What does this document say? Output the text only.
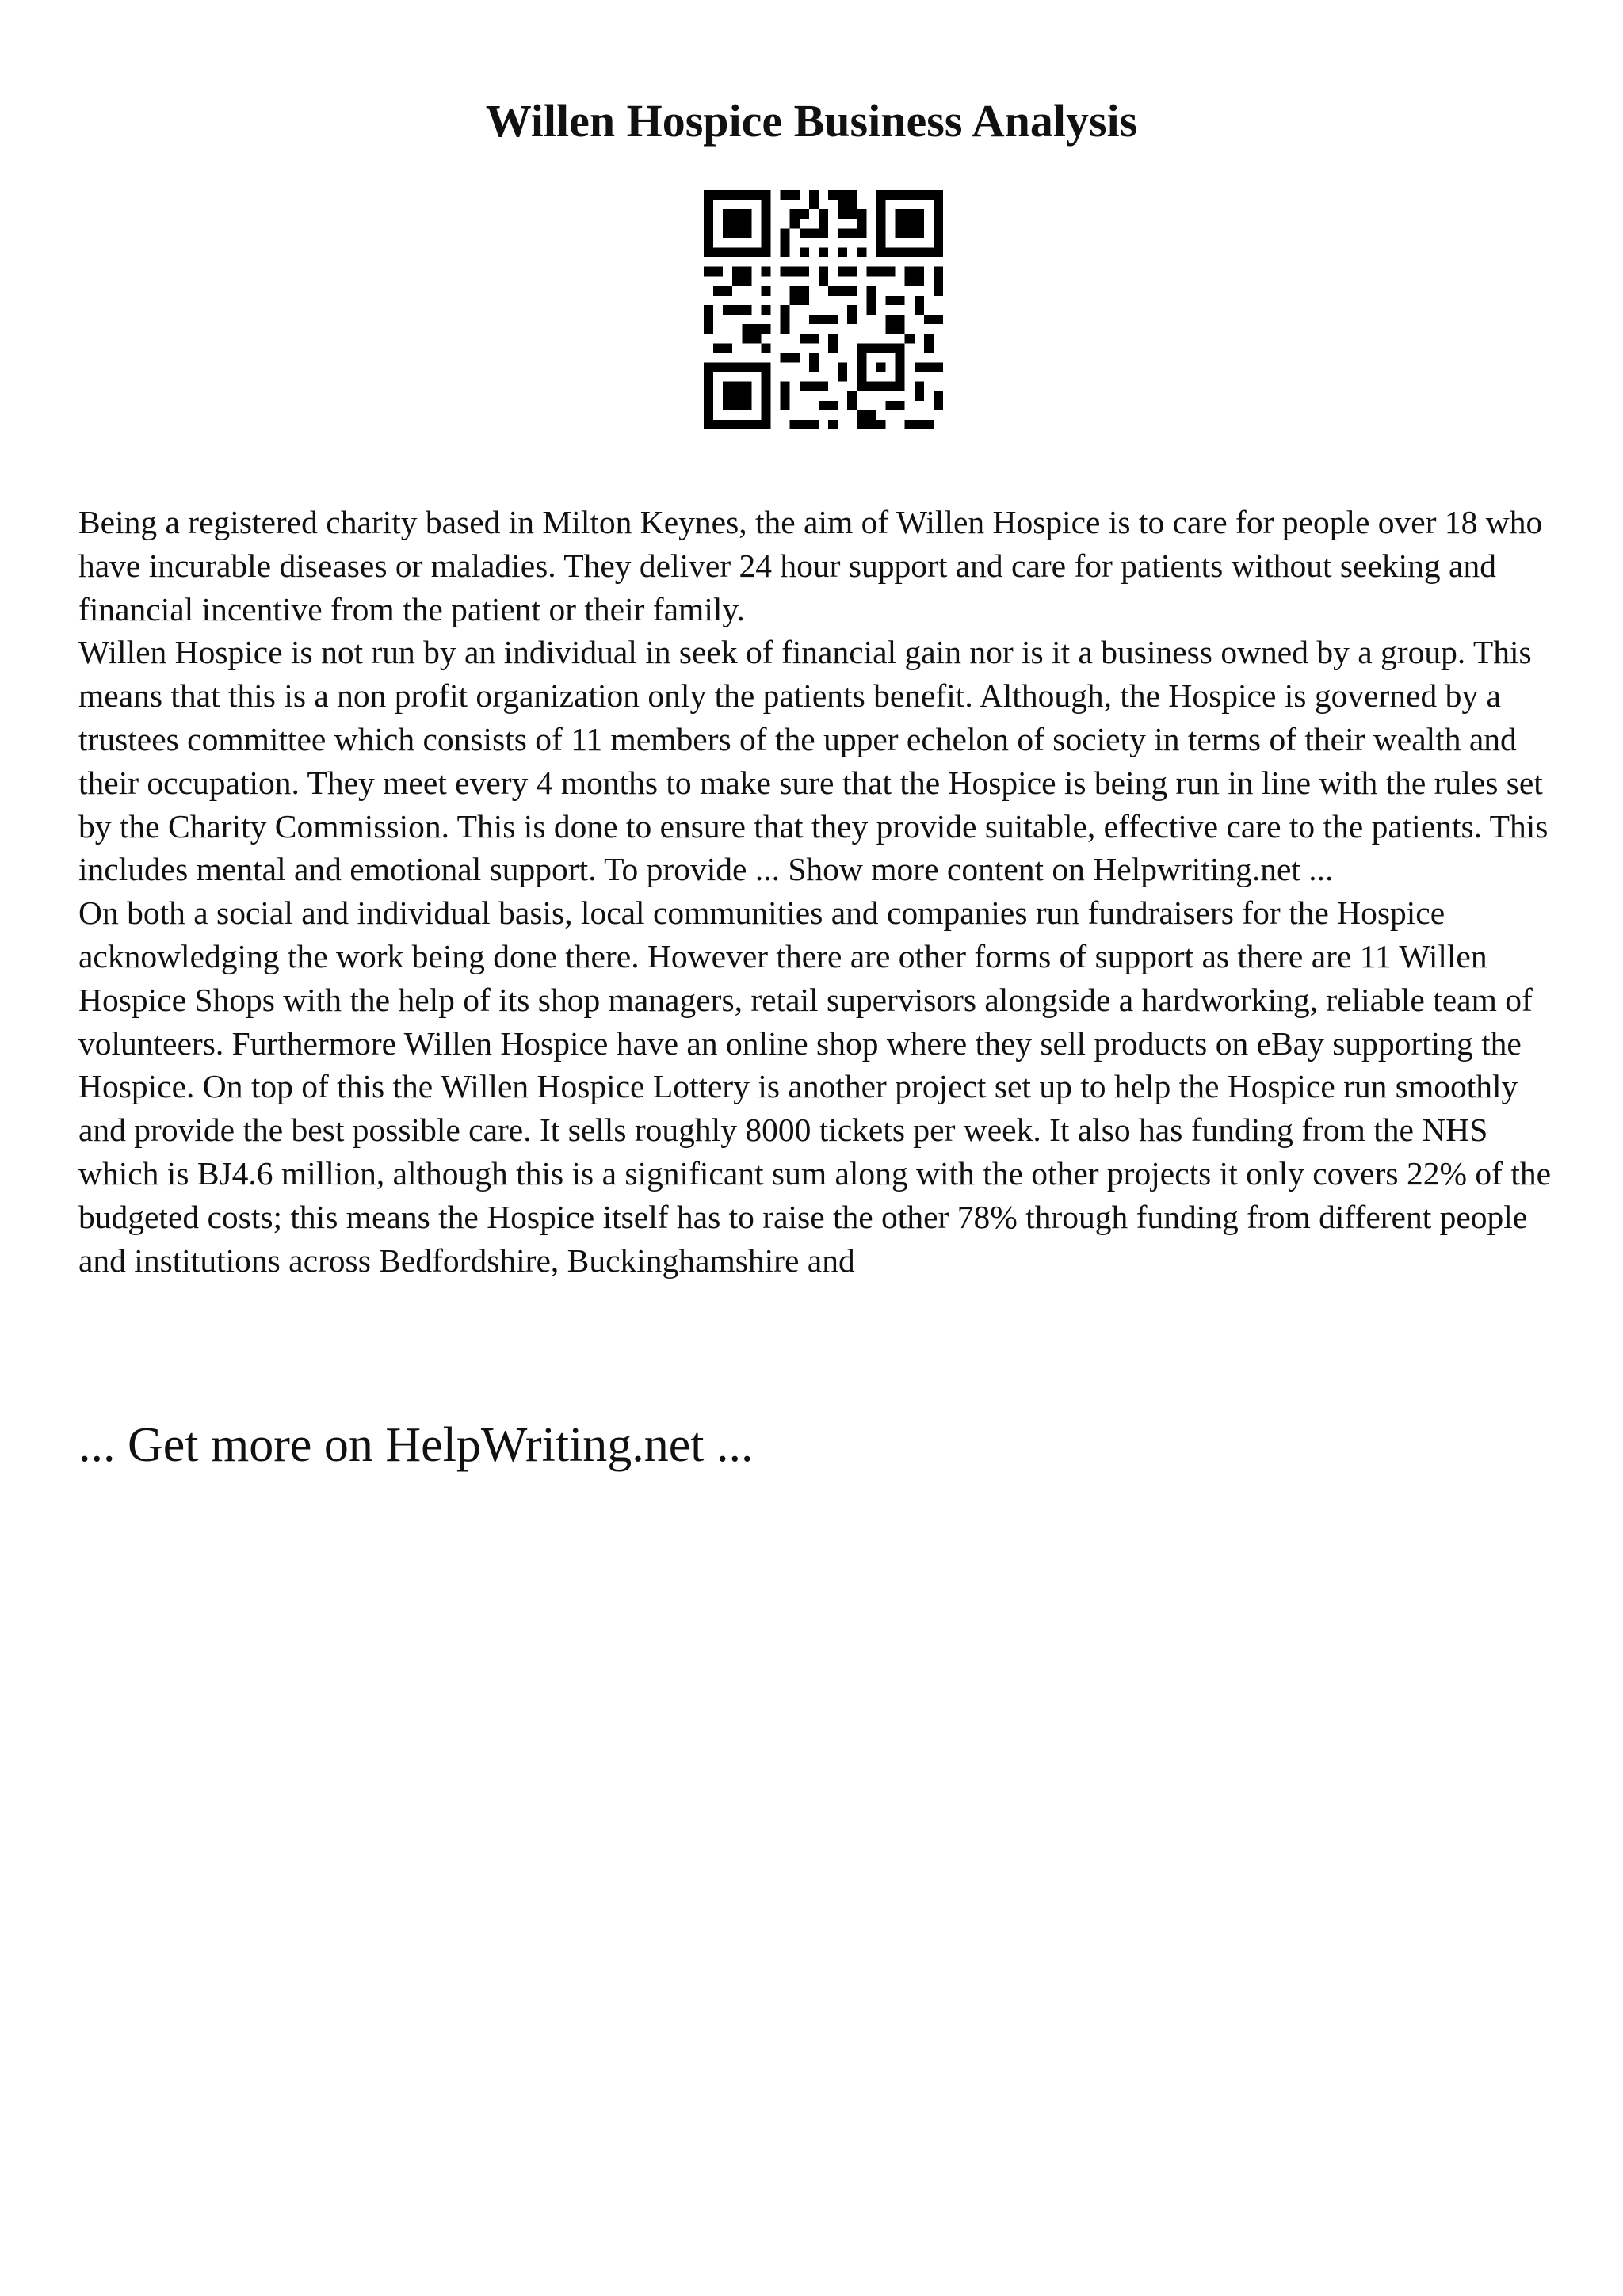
Willen Hospice Business Analysis

Being a registered charity based in Milton Keynes, the aim of Willen Hospice is to care for people over 18 who have incurable diseases or maladies. They deliver 24 hour support and care for patients without seeking and financial incentive from the patient or their family.

Willen Hospice is not run by an individual in seek of financial gain nor is it a business owned by a group. This means that this is a non profit organization only the patients benefit. Although, the Hospice is governed by a trustees committee which consists of 11 members of the upper echelon of society in terms of their wealth and their occupation. They meet every 4 months to make sure that the Hospice is being run in line with the rules set by the Charity Commission. This is done to ensure that they provide suitable, effective care to the patients. This includes mental and emotional support. To provide ... Show more content on Helpwriting.net ...

On both a social and individual basis, local communities and companies run fundraisers for the Hospice acknowledging the work being done there. However there are other forms of support as there are 11 Willen Hospice Shops with the help of its shop managers, retail supervisors alongside a hardworking, reliable team of volunteers. Furthermore Willen Hospice have an online shop where they sell products on eBay supporting the Hospice. On top of this the Willen Hospice Lottery is another project set up to help the Hospice run smoothly and provide the best possible care. It sells roughly 8000 tickets per week. It also has funding from the NHS which is BJ4.6 million, although this is a significant sum along with the other projects it only covers 22% of the budgeted costs; this means the Hospice itself has to raise the other 78% through funding from different people and institutions across Bedfordshire, Buckinghamshire and

... Get more on HelpWriting.net ...
